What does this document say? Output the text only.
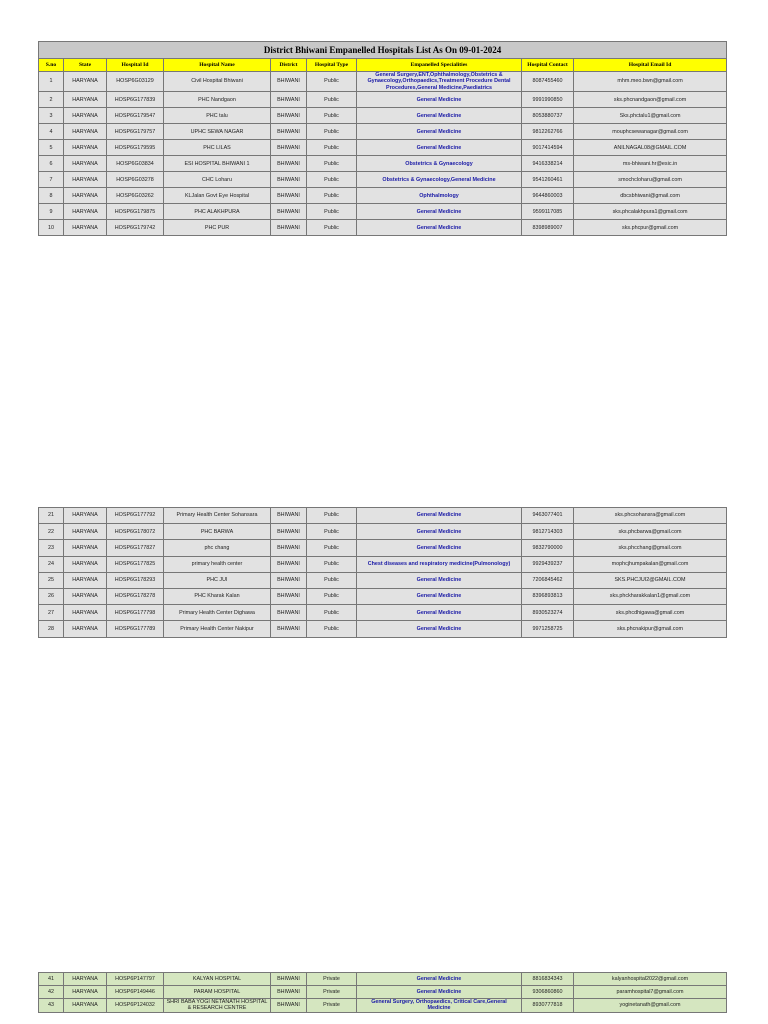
District Bhiwani Empanelled Hospitals List As On 09-01-2024								
S.no	State	Hospital Id	Hospital Name	District	Hospital Type	Empanelled Specialities	Hospital Contact	Hospital Email Id
1	HARYANA	HOSP6G03129	Civil Hospital Bhiwani	BHIWANI	Public	General Surgery,ENT,Ophthalmology,Obstetrics & Gynaecology,Orthopaedics,Treatment Procedure Dental Procedures,General Medicine,Paediatrics	8087455460	mhm.meo.bwn@gmail.com
2	HARYANA	HOSP6G177839	PHC Nandgaon	BHIWANI	Public	General Medicine	9991990850	sks.phcnandgaon@gmail.com
3	HARYANA	HOSP6G179547	PHC talu	BHIWANI	Public	General Medicine	8053880737	Sks.phctalu1@gmail.com
4	HARYANA	HOSP6G179757	UPHC SEWA NAGAR	BHIWANI	Public	General Medicine	9812262766	mouphcsewanagar@gmail.com
5	HARYANA	HOSP6G179595	PHC LILAS	BHIWANI	Public	General Medicine	9017414594	ANILNAGAL08@GMAIL.COM
6	HARYANA	HOSP6G03834	ESI HOSPITAL BHIWANI 1	BHIWANI	Public	Obstetrics & Gynaecology	9416338214	ms-bhiwani.hr@esic.in
7	HARYANA	HOSP6G03278	CHC Loharu	BHIWANI	Public	Obstetrics & Gynaecology,General Medicine	9541260461	smochcloharu@gmail.com
8	HARYANA	HOSP6G03262	KLJalan Govt Eye Hospital	BHIWANI	Public	Ophthalmology	9644860003	dbcsbhiwani@gmail.com
9	HARYANA	HOSP6G179875	PHC ALAKHPURA	BHIWANI	Public	General Medicine	9599117085	sks.phcalakhpura1@gmail.com
10	HARYANA	HOSP6G179742	PHC PUR	BHIWANI	Public	General Medicine	8398989007	sks.phcpur@gmail.com
21	HARYANA	HOSP6G177792	Primary Health Center Sohansara	BHIWANI	Public	General Medicine	9463077401	sks.phcsohansra@gmail.com
22	HARYANA	HOSP6G178072	PHC BARWA	BHIWANI	Public	General Medicine	9812714303	sks.phcbarwa@gmail.com
23	HARYANA	HOSP6G177827	phc chang	BHIWANI	Public	General Medicine	9832790000	sks.phcchang@gmail.com
24	HARYANA	HOSP6G177825	primary health center	BHIWANI	Public	Chest diseases and respiratory medicine(Pulmonology)	9929439237	mophcjhumpakalan@gmail.com
25	HARYANA	HOSP6G178293	PHC JUI	BHIWANI	Public	General Medicine	7206845462	SKS.PHCJUI2@GMAIL.COM
26	HARYANA	HOSP6G178278	PHC Kharak Kalan	BHIWANI	Public	General Medicine	8396893813	sks.phckharakkalan1@gmail.com
27	HARYANA	HOSP6G177798	Primary Health Center Dighawa	BHIWANI	Public	General Medicine	8930523274	sks.phcdhigawa@gmail.com
28	HARYANA	HOSP6G177789	Primary Health Center Nakipur	BHIWANI	Public	General Medicine	9971258725	sks.phcnakipur@gmail.com
41	HARYANA	HOSP6P147797	KALYAN HOSPITAL	BHIWANI	Private	General Medicine	8816834343	kalyanhospital2022@gmail.com
42	HARYANA	HOSP6P149446	PARAM HOSPITAL	BHIWANI	Private	General Medicine	9306860860	paramhospital7@gmail.com
43	HARYANA	HOSP6P124032	SHRI BABA YOGI NETANATH HOSPITAL & RESEARCH CENTRE	BHIWANI	Private	General Surgery, Orthopaedics, Critical Care,General Medicine	8930777818	yoginetanath@gmail.com
